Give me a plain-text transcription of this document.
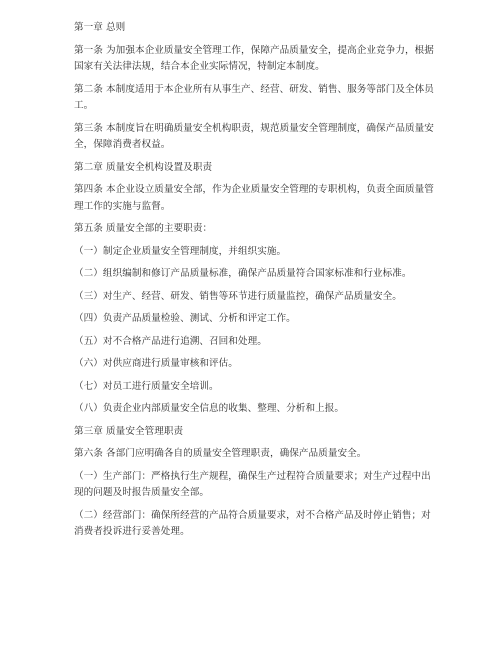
第一章 总则

第一条 为加强本企业质量安全管理工作，保障产品质量安全，提高企业竞争力，根据国家有关法律法规，结合本企业实际情况，特制定本制度。

第二条 本制度适用于本企业所有从事生产、经营、研发、销售、服务等部门及全体员工。

第三条 本制度旨在明确质量安全机构职责，规范质量安全管理制度，确保产品质量安全，保障消费者权益。

第二章 质量安全机构设置及职责

第四条 本企业设立质量安全部，作为企业质量安全管理的专职机构，负责全面质量管理工作的实施与监督。

第五条 质量安全部的主要职责：

（一）制定企业质量安全管理制度，并组织实施。

（二）组织编制和修订产品质量标准，确保产品质量符合国家标准和行业标准。

（三）对生产、经营、研发、销售等环节进行质量监控，确保产品质量安全。

（四）负责产品质量检验、测试、分析和评定工作。

（五）对不合格产品进行追溯、召回和处理。

（六）对供应商进行质量审核和评估。

（七）对员工进行质量安全培训。

（八）负责企业内部质量安全信息的收集、整理、分析和上报。

第三章 质量安全管理职责

第六条 各部门应明确各自的质量安全管理职责，确保产品质量安全。

（一）生产部门：严格执行生产规程，确保生产过程符合质量要求；对生产过程中出现的问题及时报告质量安全部。

（二）经营部门：确保所经营的产品符合质量要求，对不合格产品及时停止销售；对消费者投诉进行妥善处理。
